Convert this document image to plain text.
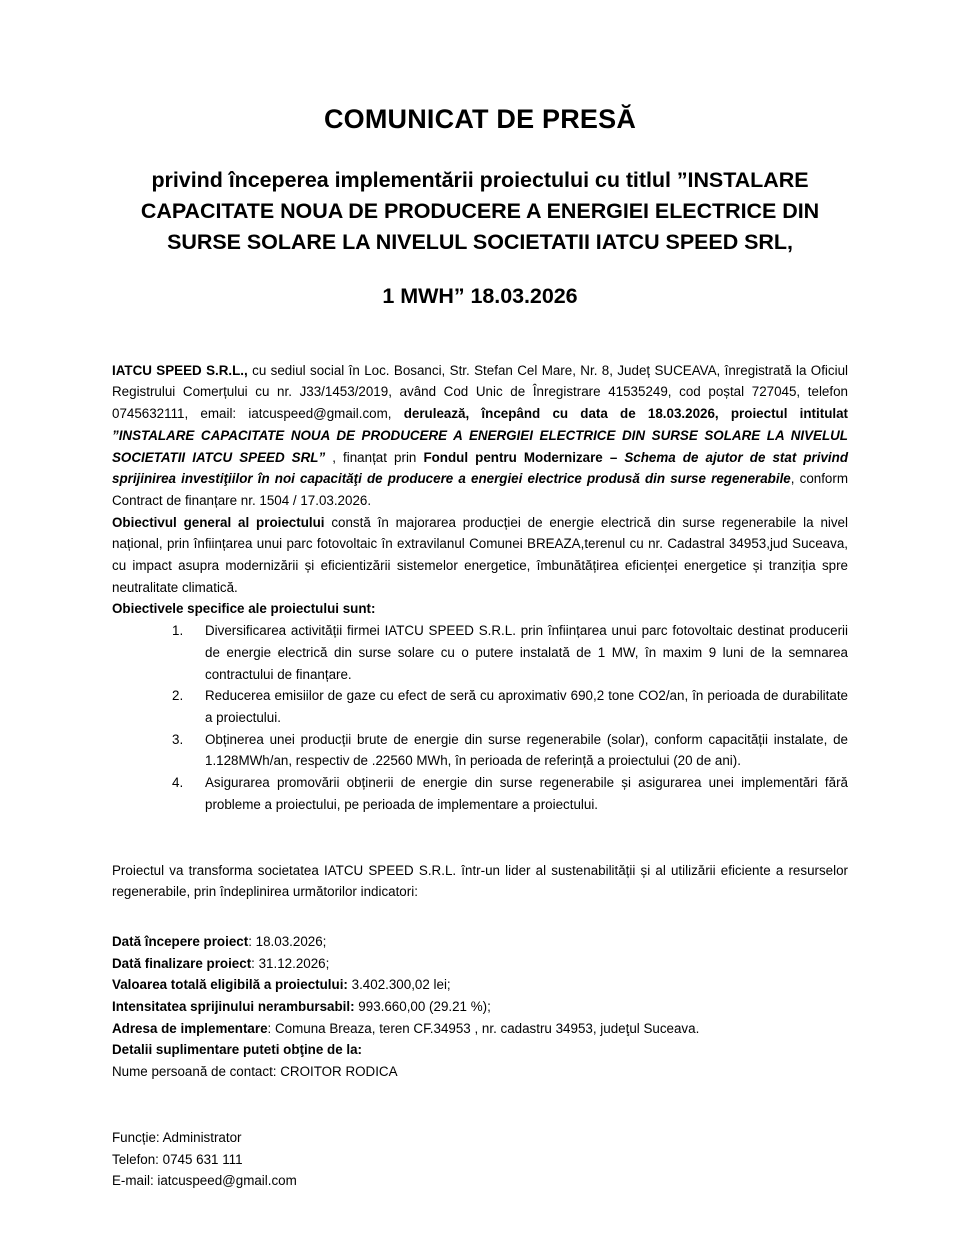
COMUNICAT DE PRESĂ
privind începerea implementării proiectului cu titlul ”INSTALARE
CAPACITATE NOUA DE PRODUCERE A ENERGIEI ELECTRICE DIN
SURSE SOLARE LA NIVELUL SOCIETATII IATCU SPEED SRL,
1 MWH” 18.03.2026

IATCU SPEED S.R.L., cu sediul social în Loc. Bosanci, Str. Stefan Cel Mare, Nr. 8, Județ SUCEAVA, înregistrată la Oficiul Registrului Comerțului cu nr. J33/1453/2019, având Cod Unic de Înregistrare 41535249, cod poștal 727045, telefon 0745632111, email: iatcuspeed@gmail.com, derulează, începând cu data de 18.03.2026, proiectul intitulat ”INSTALARE CAPACITATE NOUA DE PRODUCERE A ENERGIEI ELECTRICE DIN SURSE SOLARE LA NIVELUL SOCIETATII IATCU SPEED SRL” , finanțat prin Fondul pentru Modernizare – Schema de ajutor de stat privind sprijinirea investiţiilor în noi capacităţi de producere a energiei electrice produsă din surse regenerabile, conform Contract de finanțare nr. 1504 / 17.03.2026.

Obiectivul general al proiectului constă în majorarea producției de energie electrică din surse regenerabile la nivel național, prin înființarea unui parc fotovoltaic în extravilanul Comunei BREAZA,terenul cu nr. Cadastral 34953,jud Suceava, cu impact asupra modernizării și eficientizării sistemelor energetice, îmbunătățirea eficienței energetice și tranziția spre neutralitate climatică.

Obiectivele specifice ale proiectului sunt:

Diversificarea activității firmei IATCU SPEED S.R.L. prin înființarea unui parc fotovoltaic destinat producerii de energie electrică din surse solare cu o putere instalată de 1 MW, în maxim 9 luni de la semnarea contractului de finanțare.
Reducerea emisiilor de gaze cu efect de seră cu aproximativ 690,2 tone CO2/an, în perioada de durabilitate a proiectului.
Obținerea unei producții brute de energie din surse regenerabile (solar), conform capacității instalate, de 1.128MWh/an, respectiv de .22560 MWh, în perioada de referință a proiectului (20 de ani).
Asigurarea promovării obținerii de energie din surse regenerabile și asigurarea unei implementări fără probleme a proiectului, pe perioada de implementare a proiectului.

Proiectul va transforma societatea IATCU SPEED S.R.L. într-un lider al sustenabilității și al utilizării eficiente a resurselor regenerabile, prin îndeplinirea următorilor indicatori:

Dată începere proiect: 18.03.2026;

Dată finalizare proiect: 31.12.2026;

Valoarea totală eligibilă a proiectului: 3.402.300,02 lei;

Intensitatea sprijinului nerambursabil: 993.660,00 (29.21 %);

Adresa de implementare: Comuna Breaza, teren CF.34953 , nr. cadastru 34953, judeţul Suceava.

Detalii suplimentare puteti obţine de la:

Nume persoană de contact: CROITOR RODICA

Funcție: Administrator

Telefon: 0745 631 111

E-mail: iatcuspeed@gmail.com
